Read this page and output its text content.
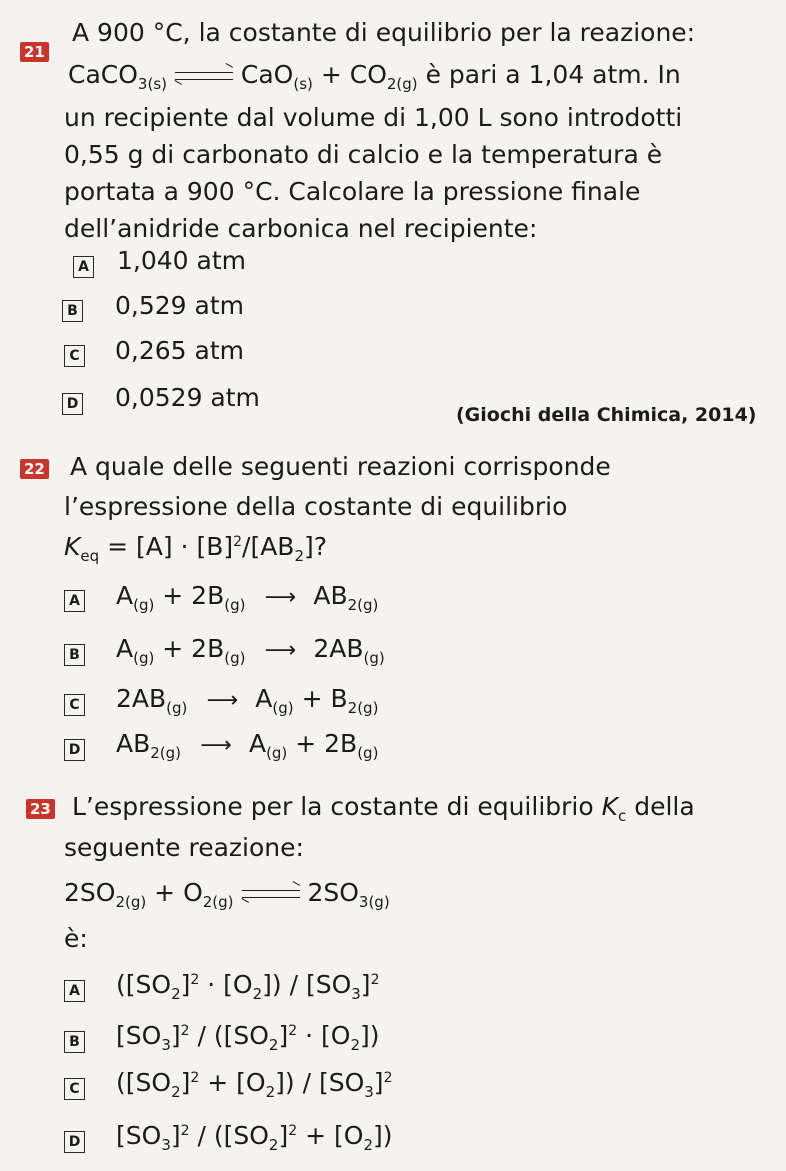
21
A 900 °C, la costante di equilibrio per la reazione:
CaCO$_{3(s)}$	$CaO_{(s)} + CO_{2(g)}$ è pari a 1,04 atm. In
un recipiente dal volume di 1,00 L sono introdotti
0,55 g di carbonato di calcio e la temperatura è
portata a 900 °C. Calcolare la pressione finale
dell’anidride carbonica nel recipiente:
A 1,040 atm
B 0,529 atm
C 0,265 atm
D 0,0529 atm
(Giochi della Chimica, 2014)
22 A quale delle seguenti reazioni corrisponde
l’espressione della costante di equilibrio
$K_{eq} = [A] \cdot [B]^2/[AB_2]$?
A $A_{(g)} + 2B_{(g)}$ ⟶ $AB_{2(g)}$
B $A_{(g)} + 2B_{(g)}$ ⟶ $2AB_{(g)}$
C $2AB_{(g)}$ ⟶ $A_{(g)} + B_{2(g)}$
D $AB_{2(g)}$ ⟶ $A_{(g)} + 2B_{(g)}$
23 L’espressione per la costante di equilibrio $K_c$ della
seguente reazione:
$2SO_{2(g)} + O_{2(g)}$	$2SO_{3(g)}$
è:
A $([SO_2]^2 \cdot [O_2]) / [SO_3]^2$
B $[SO_3]^2 / ([SO_2]^2 \cdot [O_2])$
C $([SO_2]^2 + [O_2]) / [SO_3]^2$
D $[SO_3]^2 / ([SO_2]^2 + [O_2])$
